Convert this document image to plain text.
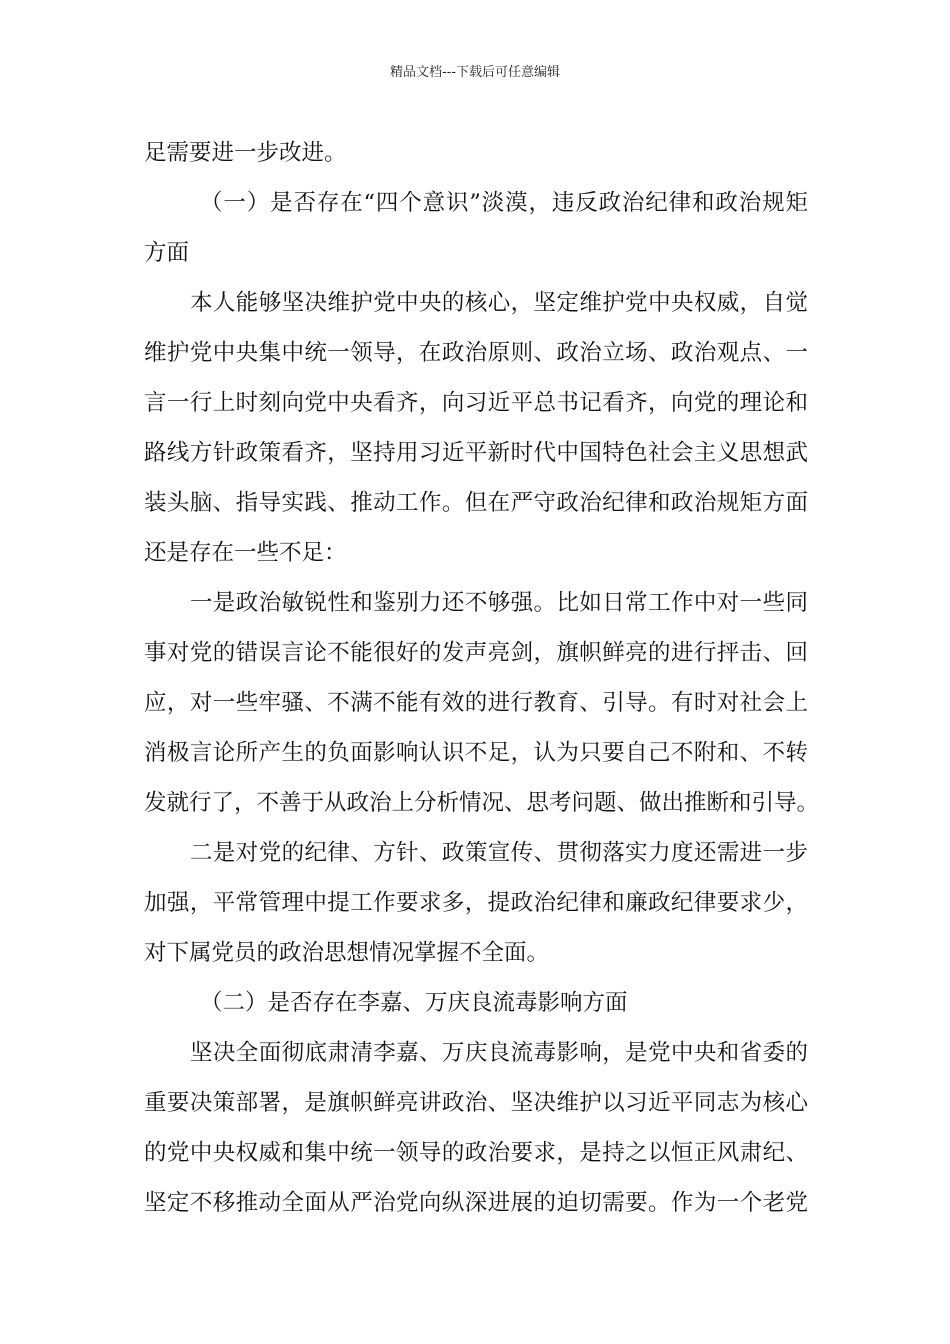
精品文档---下载后可任意编辑
足需要进一步改进。
（一）是否存在“四个意识”淡漠，违反政治纪律和政治规矩
方面
本人能够坚决维护党中央的核心，坚定维护党中央权威，自觉
维护党中央集中统一领导，在政治原则、政治立场、政治观点、一
言一行上时刻向党中央看齐，向习近平总书记看齐，向党的理论和
路线方针政策看齐，坚持用习近平新时代中国特色社会主义思想武
装头脑、指导实践、推动工作。但在严守政治纪律和政治规矩方面
还是存在一些不足：
一是政治敏锐性和鉴别力还不够强。比如日常工作中对一些同
事对党的错误言论不能很好的发声亮剑，旗帜鲜亮的进行抨击、回
应，对一些牢骚、不满不能有效的进行教育、引导。有时对社会上
消极言论所产生的负面影响认识不足，认为只要自己不附和、不转
发就行了，不善于从政治上分析情况、思考问题、做出推断和引导。
二是对党的纪律、方针、政策宣传、贯彻落实力度还需进一步
加强，平常管理中提工作要求多，提政治纪律和廉政纪律要求少，
对下属党员的政治思想情况掌握不全面。
（二）是否存在李嘉、万庆良流毒影响方面
坚决全面彻底肃清李嘉、万庆良流毒影响，是党中央和省委的
重要决策部署，是旗帜鲜亮讲政治、坚决维护以习近平同志为核心
的党中央权威和集中统一领导的政治要求，是持之以恒正风肃纪、
坚定不移推动全面从严治党向纵深进展的迫切需要。作为一个老党
